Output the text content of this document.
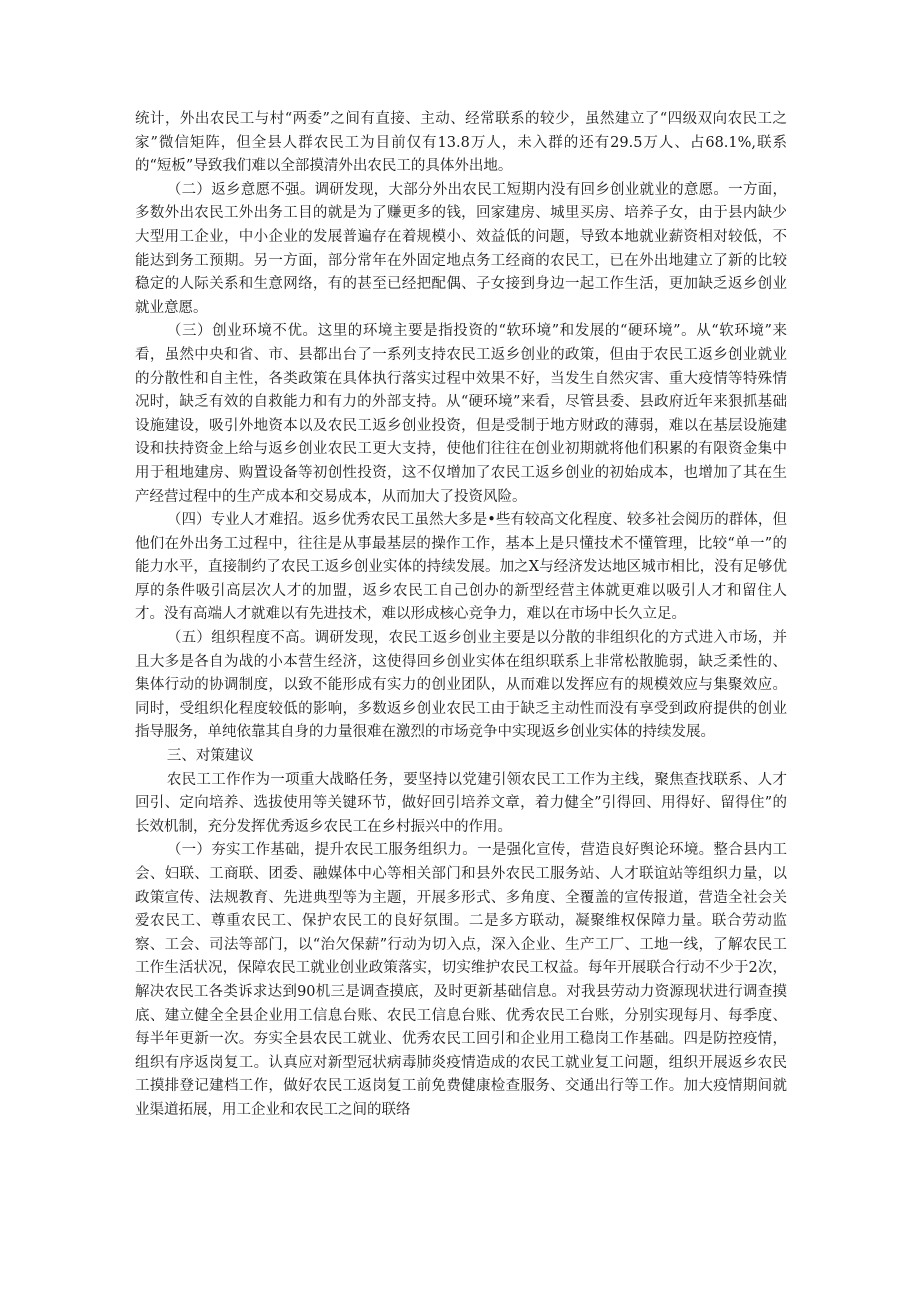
统计，外出农民工与村“两委”之间有直接、主动、经常联系的较少，虽然建立了“四级双向农民工之家”微信矩阵，但全县人群农民工为目前仅有13.8万人，未入群的还有29.5万人、占68.1%,联系的“短板”导致我们难以全部摸清外出农民工的具体外出地。

（二）返乡意愿不强。调研发现，大部分外出农民工短期内没有回乡创业就业的意愿。一方面，多数外出农民工外出务工目的就是为了赚更多的钱，回家建房、城里买房、培养子女，由于县内缺少大型用工企业，中小企业的发展普遍存在着规模小、效益低的问题，导致本地就业薪资相对较低，不能达到务工预期。另一方面，部分常年在外固定地点务工经商的农民工，已在外出地建立了新的比较稳定的人际关系和生意网络，有的甚至已经把配偶、子女接到身边一起工作生活，更加缺乏返乡创业就业意愿。

（三）创业环境不优。这里的环境主要是指投资的“软环境”和发展的“硬环境”。从“软环境”来看，虽然中央和省、市、县都出台了一系列支持农民工返乡创业的政策，但由于农民工返乡创业就业的分散性和自主性，各类政策在具体执行落实过程中效果不好，当发生自然灾害、重大疫情等特殊情况时，缺乏有效的自救能力和有力的外部支持。从“硬环境”来看，尽管县委、县政府近年来狠抓基础设施建设，吸引外地资本以及农民工返乡创业投资，但是受制于地方财政的薄弱，难以在基层设施建设和扶持资金上给与返乡创业农民工更大支持，使他们往往在创业初期就将他们积累的有限资金集中用于租地建房、购置设备等初创性投资，这不仅增加了农民工返乡创业的初始成本，也增加了其在生产经营过程中的生产成本和交易成本，从而加大了投资风险。

（四）专业人才难招。返乡优秀农民工虽然大多是•些有较高文化程度、较多社会阅历的群体，但他们在外出务工过程中，往往是从事最基层的操作工作，基本上是只懂技术不懂管理，比较“单一”的能力水平，直接制约了农民工返乡创业实体的持续发展。加之X与经济发达地区城市相比，没有足够优厚的条件吸引高层次人才的加盟，返乡农民工自己创办的新型经营主体就更难以吸引人才和留住人才。没有高端人才就难以有先进技术，难以形成核心竞争力，难以在市场中长久立足。

（五）组织程度不高。调研发现，农民工返乡创业主要是以分散的非组织化的方式进入市场，并且大多是各自为战的小本营生经济，这使得回乡创业实体在组织联系上非常松散脆弱，缺乏柔性的、集体行动的协调制度，以致不能形成有实力的创业团队，从而难以发挥应有的规模效应与集聚效应。同时，受组织化程度较低的影响，多数返乡创业农民工由于缺乏主动性而没有享受到政府提供的创业指导服务，单纯依靠其自身的力量很难在激烈的市场竞争中实现返乡创业实体的持续发展。

三、对策建议

农民工工作作为一项重大战略任务，要坚持以党建引领农民工工作为主线，聚焦查找联系、人才回引、定向培养、选拔使用等关键环节，做好回引培养文章，着力健全”引得回、用得好、留得住”的长效机制，充分发挥优秀返乡农民工在乡村振兴中的作用。

（一）夯实工作基础，提升农民工服务组织力。一是强化宣传，营造良好舆论环境。整合县内工会、妇联、工商联、团委、融媒体中心等相关部门和县外农民工服务站、人才联谊站等组织力量，以政策宣传、法规教育、先进典型等为主题，开展多形式、多角度、全覆盖的宣传报道，营造全社会关爱农民工、尊重农民工、保护农民工的良好氛围。二是多方联动，凝聚维权保障力量。联合劳动监察、工会、司法等部门，以“治欠保薪”行动为切入点，深入企业、生产工厂、工地一线，了解农民工工作生活状况，保障农民工就业创业政策落实，切实维护农民工权益。每年开展联合行动不少于2次，解决农民工各类诉求达到90机三是调查摸底，及时更新基础信息。对我县劳动力资源现状进行调查摸底、建立健全全县企业用工信息台账、农民工信息台账、优秀农民工台账，分别实现每月、每季度、每半年更新一次。夯实全县农民工就业、优秀农民工回引和企业用工稳岗工作基础。四是防控疫情，组织有序返岗复工。认真应对新型冠状病毒肺炎疫情造成的农民工就业复工问题，组织开展返乡农民工摸排登记建档工作，做好农民工返岗复工前免费健康检查服务、交通出行等工作。加大疫情期间就业渠道拓展，用工企业和农民工之间的联络
